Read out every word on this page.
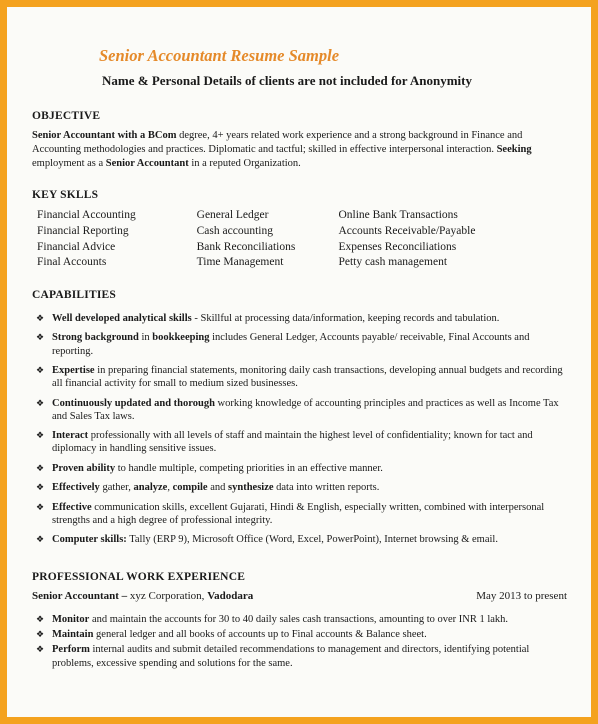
Senior Accountant Resume Sample
Name & Personal Details of clients are not included for Anonymity
OBJECTIVE
Senior Accountant with a BCom degree, 4+ years related work experience and a strong background in Finance and Accounting methodologies and practices. Diplomatic and tactful; skilled in effective interpersonal interaction. Seeking employment as a Senior Accountant in a reputed Organization.
KEY SKLLS
Financial Accounting	General Ledger	Online Bank Transactions
Financial Reporting	Cash accounting	Accounts Receivable/Payable
Financial Advice	Bank Reconciliations	Expenses Reconciliations
Final Accounts	Time Management	Petty cash management
CAPABILITIES
❖ Well developed analytical skills - Skillful at processing data/information, keeping records and tabulation.
❖ Strong background in bookkeeping includes General Ledger, Accounts payable/ receivable, Final Accounts and reporting.
❖ Expertise in preparing financial statements, monitoring daily cash transactions, developing annual budgets and recording all financial activity for small to medium sized businesses.
❖ Continuously updated and thorough working knowledge of accounting principles and practices as well as Income Tax and Sales Tax laws.
❖ Interact professionally with all levels of staff and maintain the highest level of confidentiality; known for tact and diplomacy in handling sensitive issues.
❖ Proven ability to handle multiple, competing priorities in an effective manner.
❖ Effectively gather, analyze, compile and synthesize data into written reports.
❖ Effective communication skills, excellent Gujarati, Hindi & English, especially written, combined with interpersonal strengths and a high degree of professional integrity.
❖ Computer skills: Tally (ERP 9), Microsoft Office (Word, Excel, PowerPoint), Internet browsing & email.
PROFESSIONAL WORK EXPERIENCE
Senior Accountant – xyz Corporation, Vadodara	May 2013 to present
❖ Monitor and maintain the accounts for 30 to 40 daily sales cash transactions, amounting to over INR 1 lakh.
❖ Maintain general ledger and all books of accounts up to Final accounts & Balance sheet.
❖ Perform internal audits and submit detailed recommendations to management and directors, identifying potential problems, excessive spending and solutions for the same.
